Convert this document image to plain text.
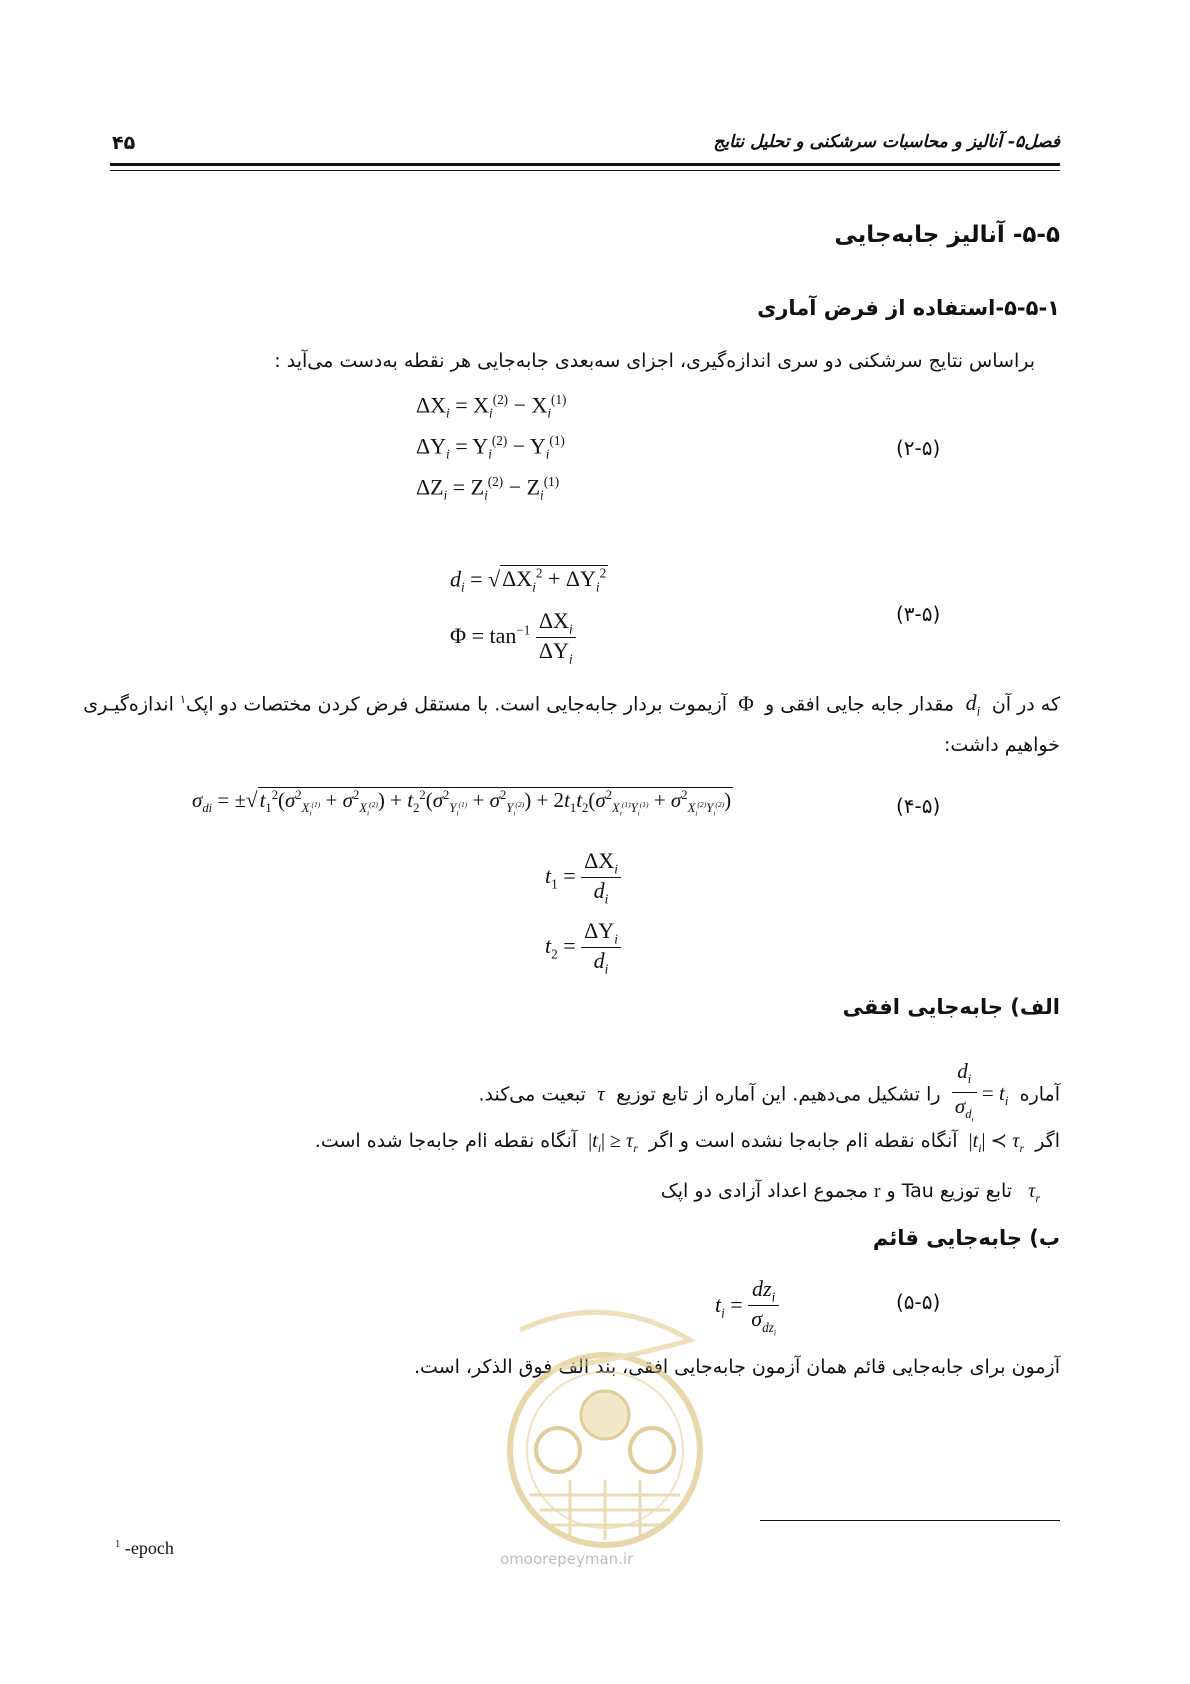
۴۵	فصل۵- آنالیز و محاسبات سرشکنی و تحلیل نتایج
۵-۵- آنالیز جابه‌جایی
۵-۵-۱-استفاده از فرض آماری
براساس نتایج سرشکنی دو سری اندازه‌گیری، اجزای سه‌بعدی جابه‌جایی هر نقطه به‌دست می‌آید :
$\Delta X_i = X_i^{(2)} - X_i^{(1)}$
$\Delta Y_i = Y_i^{(2)} - Y_i^{(1)}$
$\Delta Z_i = Z_i^{(2)} - Z_i^{(1)}$
(۲-۵)
$d_i = √\Delta X_i^2 + \Delta Y_i^2$
$\Phi = \tan^{-1} \frac{\Delta X_i}{\Delta Y_i}$	(۳-۵)
که در آن  $d_i$  مقدار جابه جایی افقی و  Φ  آزیموت بردار جابه‌جایی است. با مستقل فرض کردن مختصات دو اپک$^۱$ اندازه‌گیـری
خواهیم داشت:
$\sigma_{di} = \pm√t_1^2(\sigma^2_{X_i^{(1)}} + \sigma^2_{X_i^{(2)}}) + t_2^2(\sigma^2_{Y_i^{(1)}} + \sigma^2_{Y_i^{(2)}}) + 2t_1t_2(\sigma^2_{X_i^{(1)}Y_i^{(1)}} + \sigma^2_{X_i^{(2)}Y_i^{(2)}})$	(۴-۵)
$t_1 = \frac{\Delta X_i}{d_i}$
$t_2 = \frac{\Delta Y_i}{d_i}$
الف) جابه‌جایی افقی
آماره  $t_i$ =
$\frac{d_i}{\sigma_{d_i}}$
را تشکیل می‌دهیم. این آماره از تابع توزیع  τ  تبعیت می‌کند.
اگر  $|t_i|$ ≺ $\tau_r$  آنگاه نقطه iام جابه‌جا نشده است و اگر  $|t_i| \ge \tau_r$  آنگاه نقطه iام جابه‌جا شده است.
$\tau_r$   تابع توزیع Tau و r مجموع اعداد آزادی دو اپک
ب) جابه‌جایی قائم
$t_i = \frac{dz_i}{\sigma_{dz_i}}$	(۵-۵)
آزمون برای جابه‌جایی قائم همان آزمون جابه‌جایی افقی، بند الف فوق الذکر، است.
omoorepeyman.ir
$^1$ -epoch
